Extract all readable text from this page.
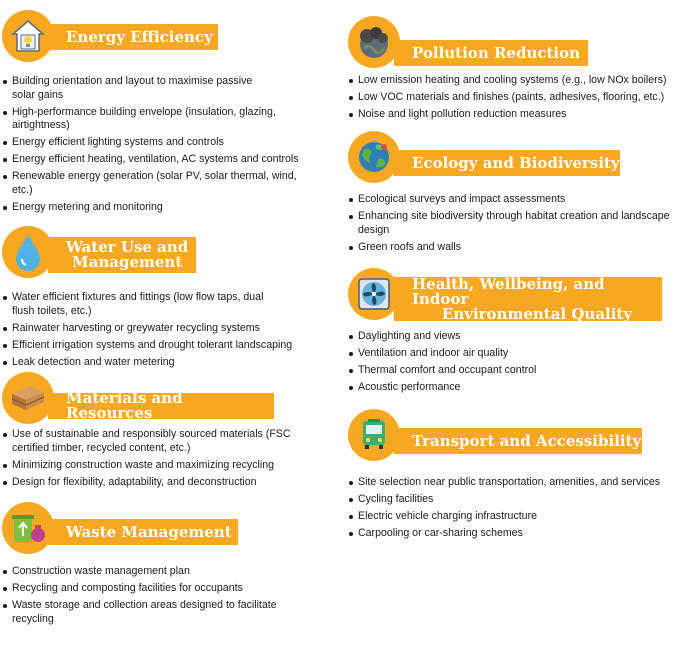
Energy Efficiency
Building orientation and layout to maximise passive solar gains
High-performance building envelope (insulation, glazing, airtightness)
Energy efficient lighting systems and controls
Energy efficient heating, ventilation, AC systems and controls
Renewable energy generation (solar PV, solar thermal, wind, etc.)
Energy metering and monitoring
Water Use and
Management
Water efficient fixtures and fittings (low flow taps, dual flush toilets, etc.)
Rainwater harvesting or greywater recycling systems
Efficient irrigation systems and drought tolerant landscaping
Leak detection and water metering
Materials and Resources
Use of sustainable and responsibly sourced materials (FSC certified timber, recycled content, etc.)
Minimizing construction waste and maximizing recycling
Design for flexibility, adaptability, and deconstruction
Waste Management
Construction waste management plan
Recycling and composting facilities for occupants
Waste storage and collection areas designed to facilitate recycling
Pollution Reduction
Low emission heating and cooling systems (e.g., low NOx boilers)
Low VOC materials and finishes (paints, adhesives, flooring, etc.)
Noise and light pollution reduction measures
Ecology and Biodiversity
Ecological surveys and impact assessments
Enhancing site biodiversity through habitat creation and landscape design
Green roofs and walls
Health, Wellbeing, and Indoor
Environmental Quality
Daylighting and views
Ventilation and indoor air quality
Thermal comfort and occupant control
Acoustic performance
Transport and Accessibility
Site selection near public transportation, amenities, and services
Cycling facilities
Electric vehicle charging infrastructure
Carpooling or car-sharing schemes
